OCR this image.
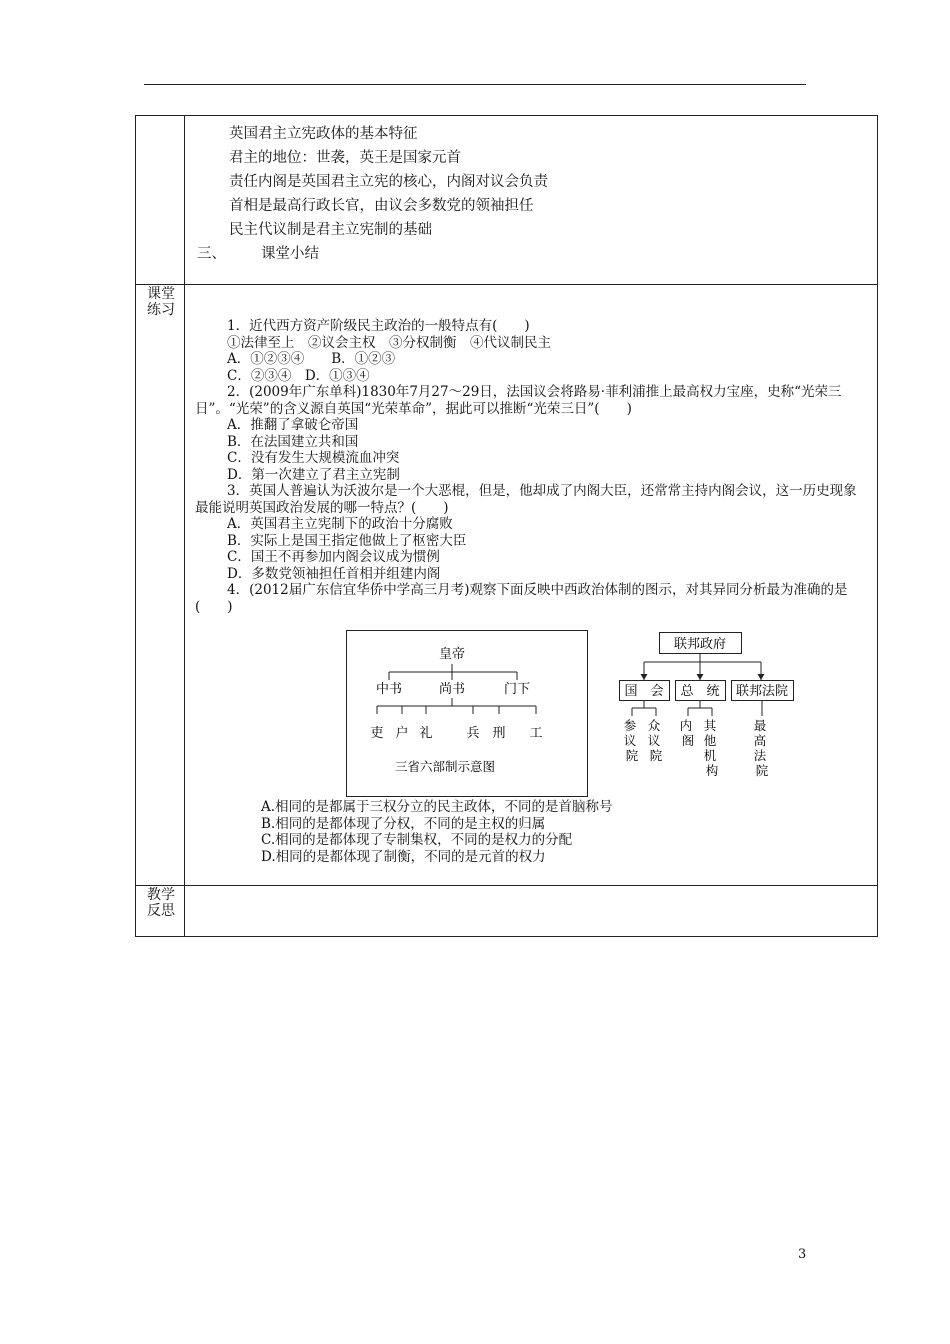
英国君主立宪政体的基本特征

君主的地位：世袭，英王是国家元首

责任内阁是英国君主立宪的核心，内阁对议会负责

首相是最高行政长官，由议会多数党的领袖担任

民主代议制是君主立宪制的基础

三、 课堂小结

课堂
练习
1．近代西方资产阶级民主政治的一般特点有(　　)
①法律至上　②议会主权　③分权制衡　④代议制民主
A．①②③④　　B．①②③
C．②③④　D．①③④
2．(2009年广东单科)1830年7月27～29日，法国议会将路易·菲利浦推上最高权力宝座，史称“光荣三日”。“光荣”的含义源自英国“光荣革命”，据此可以推断“光荣三日”(　　)
A．推翻了拿破仑帝国
B．在法国建立共和国
C．没有发生大规模流血冲突
D．第一次建立了君主立宪制
3．英国人普遍认为沃波尔是一个大恶棍，但是，他却成了内阁大臣，还常常主持内阁会议，这一历史现象最能说明英国政治发展的哪一特点？(　　)
A．英国君主立宪制下的政治十分腐败
B．实际上是国王指定他做上了枢密大臣
C．国王不再参加内阁会议成为惯例
D．多数党领袖担任首相并组建内阁
4．(2012届广东信宜华侨中学高三月考)观察下面反映中西政治体制的图示，对其异同分析最为准确的是(　　)
皇帝
中书	尚书	门下
吏 户 礼	兵 刑 工
三省六部制示意图
联邦政府
国　会 总　统 联邦法院
参 议 院
众 议 院
内 阁
其 他 机 构
最 高 法 院
A.相同的是都属于三权分立的民主政体，不同的是首脑称号
B.相同的是都体现了分权，不同的是主权的归属
C.相同的是都体现了专制集权，不同的是权力的分配
D.相同的是都体现了制衡，不同的是元首的权力
教学
反思
3
